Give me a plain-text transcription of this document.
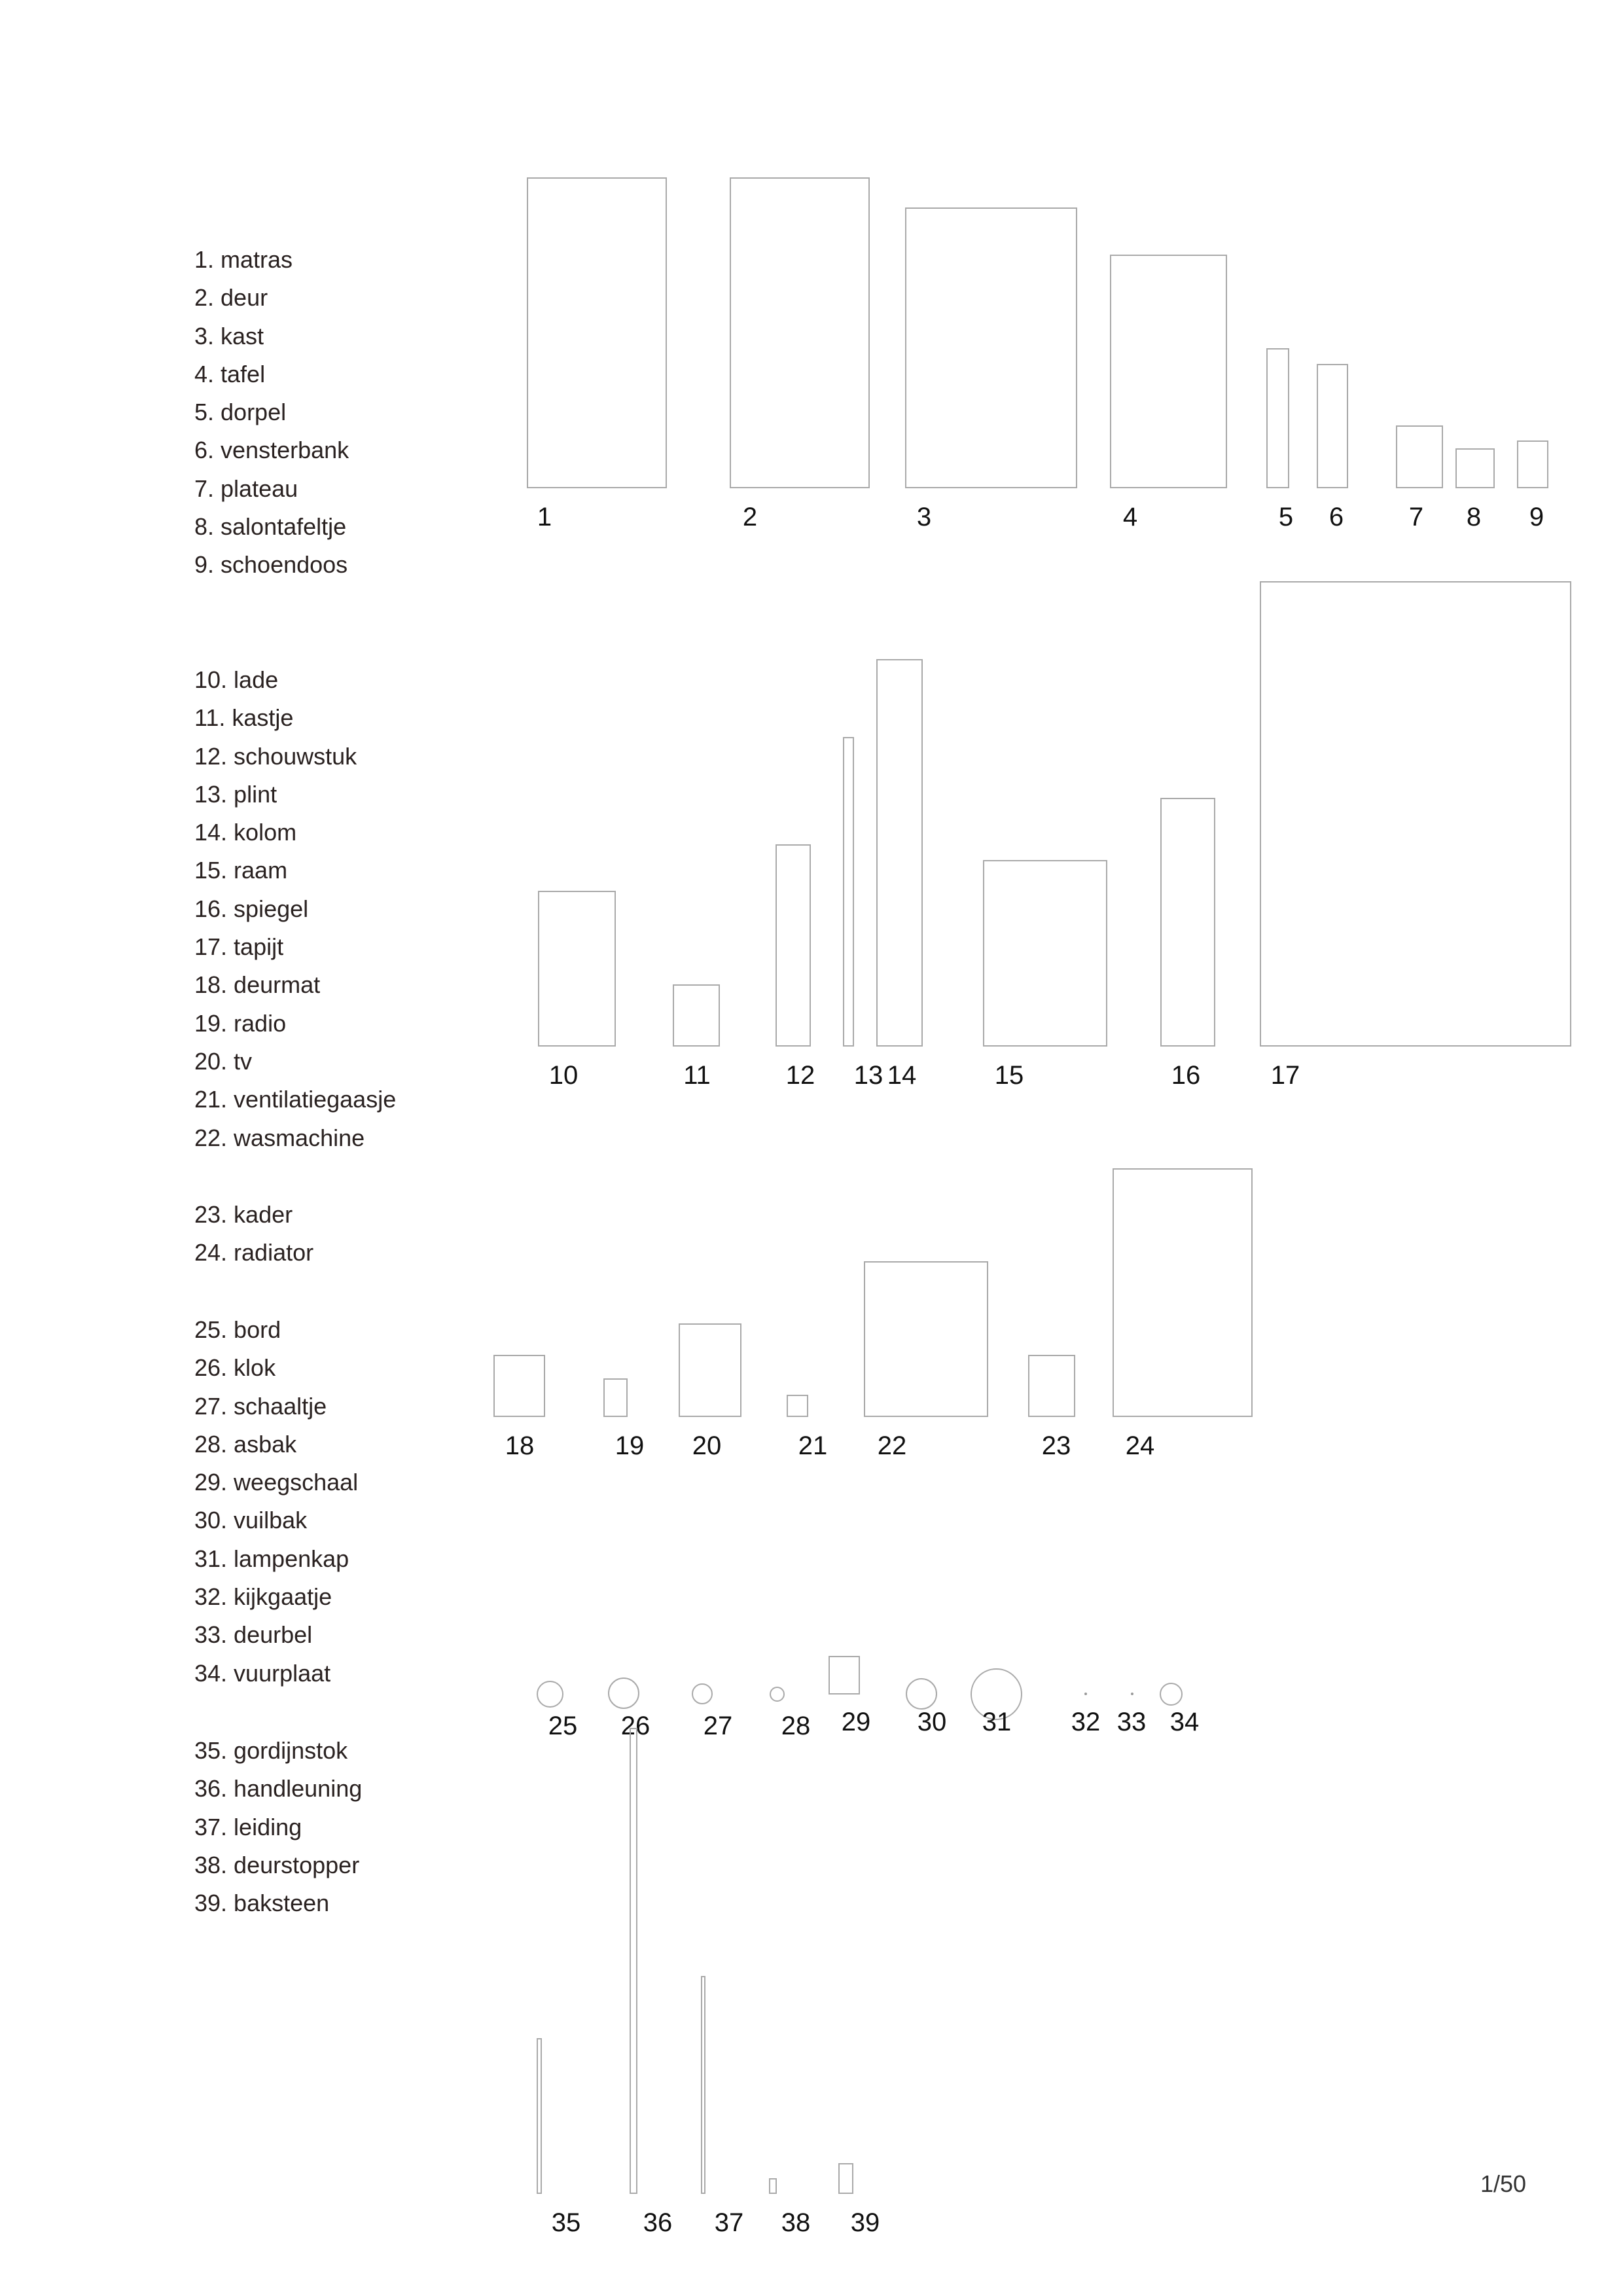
1. matras
2. deur
3. kast
4. tafel
5. dorpel
6. vensterbank
7. plateau
8. salontafeltje
9. schoendoos
10. lade
11. kastje
12. schouwstuk
13. plint
14. kolom
15. raam
16. spiegel
17. tapijt
18. deurmat
19. radio
20. tv
21. ventilatiegaasje
22. wasmachine
23. kader
24. radiator
25. bord
26. klok
27. schaaltje
28. asbak
29. weegschaal
30. vuilbak
31. lampenkap
32. kijkgaatje
33. deurbel
34. vuurplaat
35. gordijnstok
36. handleuning
37. leiding
38. deurstopper
39. baksteen
1	2	3	4	5 6 7 8 9
10	11	12 13 14	15	16	17
18	19 20	21 22	23 24
25 26 27 28 29 30 31 32 33 34
35 36 37 38 39
1/50
